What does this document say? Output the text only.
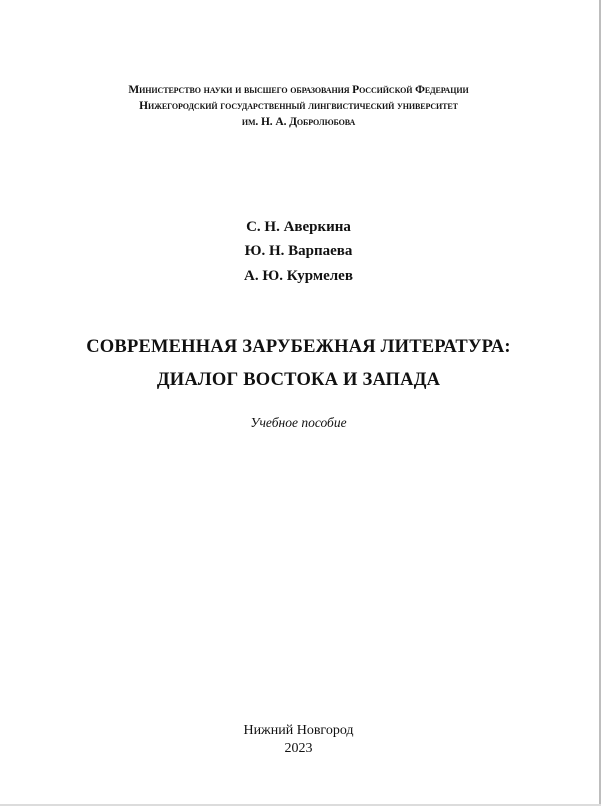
Министерство науки и высшего образования Российской Федерации
Нижегородский государственный лингвистический университет
им. Н. А. Добролюбова
С. Н. Аверкина
Ю. Н. Варпаева
А. Ю. Курмелев
СОВРЕМЕННАЯ ЗАРУБЕЖНАЯ ЛИТЕРАТУРА:
ДИАЛОГ ВОСТОКА И ЗАПАДА
Учебное пособие
Нижний Новгород
2023
